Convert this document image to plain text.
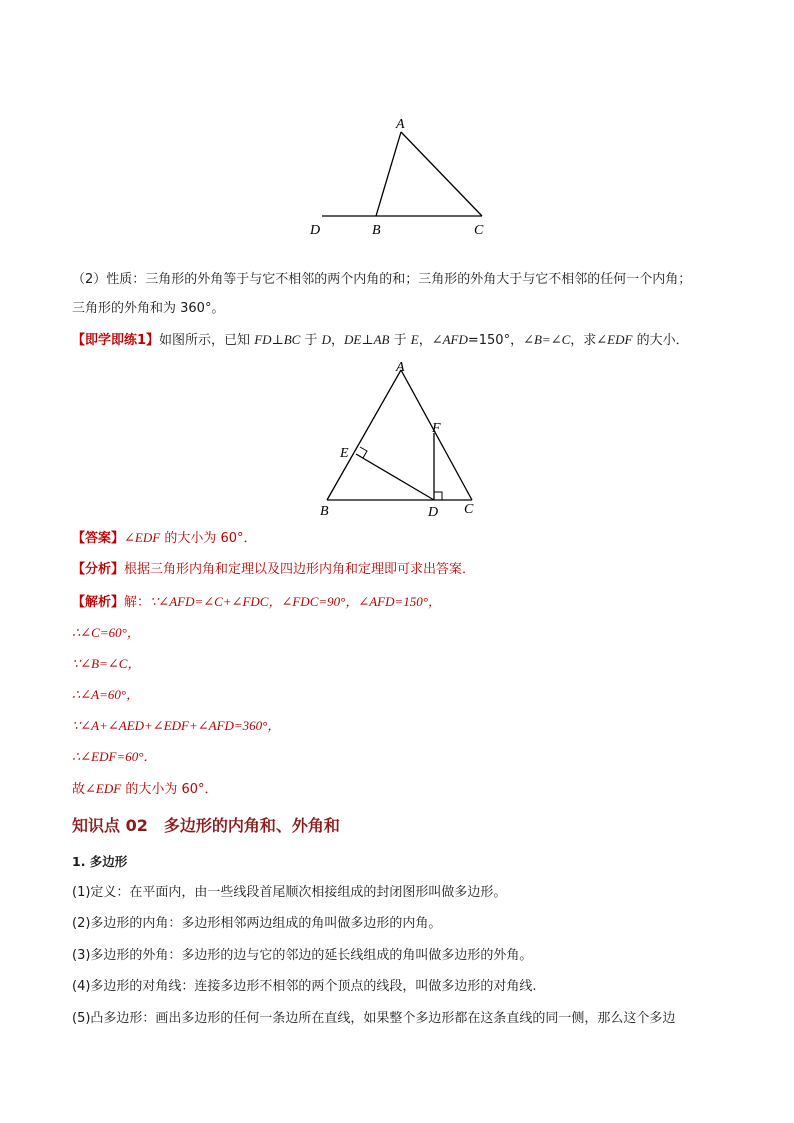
A
D	B	C
（2）性质：三角形的外角等于与它不相邻的两个内角的和；三角形的外角大于与它不相邻的任何一个内角；
三角形的外角和为 360°。
【即学即练1】如图所示，已知 FD⊥BC 于 D，DE⊥AB 于 E，∠AFD=150°，∠B=∠C，求∠EDF 的大小．
A
E
F
B	D C
【答案】∠EDF 的大小为 60°．
【分析】根据三角形内角和定理以及四边形内角和定理即可求出答案．
【解析】解：∵∠AFD=∠C+∠FDC，∠FDC=90°，∠AFD=150°，
∴∠C=60°，
∵∠B=∠C，
∴∠A=60°，
∵∠A+∠AED+∠EDF+∠AFD=360°，
∴∠EDF=60°．
故∠EDF 的大小为 60°．
知识点 02 多边形的内角和、外角和
1. 多边形
(1)定义：在平面内，由一些线段首尾顺次相接组成的封闭图形叫做多边形。
(2)多边形的内角：多边形相邻两边组成的角叫做多边形的内角。
(3)多边形的外角：多边形的边与它的邻边的延长线组成的角叫做多边形的外角。
(4)多边形的对角线：连接多边形不相邻的两个顶点的线段，叫做多边形的对角线.
(5)凸多边形：画出多边形的任何一条边所在直线，如果整个多边形都在这条直线的同一侧，那么这个多边
